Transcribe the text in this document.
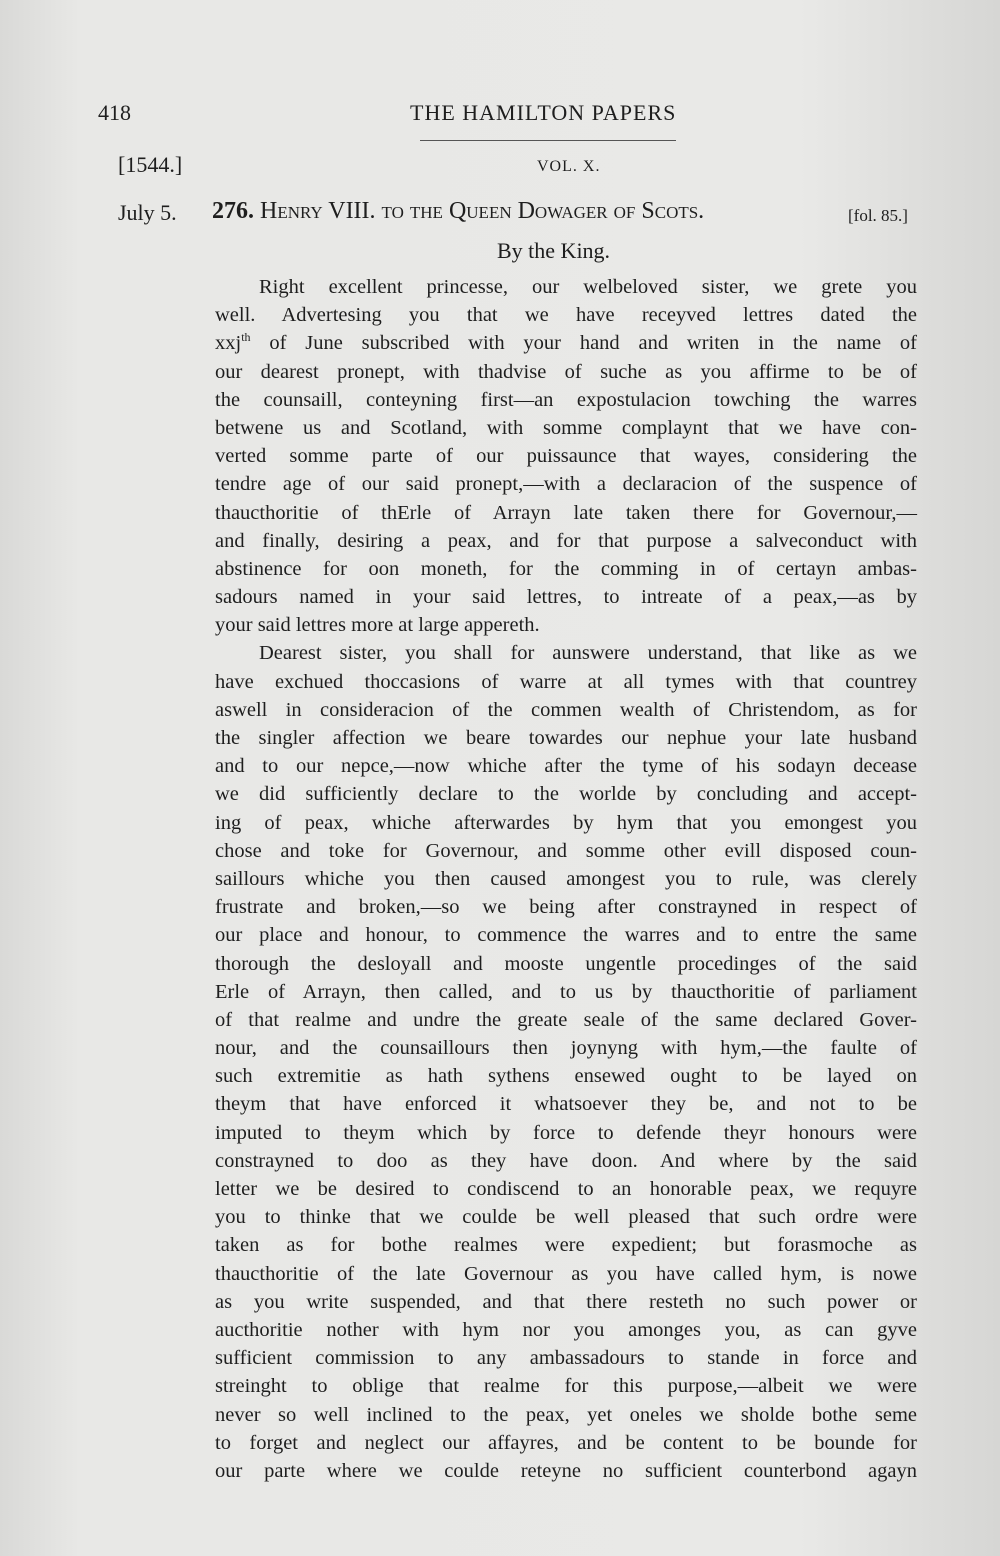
418	THE HAMILTON PAPERS
[1544.]	VOL. X.
July 5. 276. Henry VIII. to the Queen Dowager of Scots.	[fol. 85.]
By the King.
Right excellent princesse, our welbeloved sister, we grete you
well. Advertesing you that we have receyved lettres dated the
xxj$^{th}$ of June subscribed with your hand and writen in the name of
our dearest pronept, with thadvise of suche as you affirme to be of
the counsaill, conteyning first—an expostulacion towching the warres
betwene us and Scotland, with somme complaynt that we have con-
verted somme parte of our puissaunce that wayes, considering the
tendre age of our said pronept,—with a declaracion of the suspence of
thaucthoritie of thErle of Arrayn late taken there for Governour,—
and finally, desiring a peax, and for that purpose a salveconduct with
abstinence for oon moneth, for the comming in of certayn ambas-
sadours named in your said lettres, to intreate of a peax,—as by
your said lettres more at large appereth.
Dearest sister, you shall for aunswere understand, that like as we
have exchued thoccasions of warre at all tymes with that countrey
aswell in consideracion of the commen wealth of Christendom, as for
the singler affection we beare towardes our nephue your late husband
and to our nepce,—now whiche after the tyme of his sodayn decease
we did sufficiently declare to the worlde by concluding and accept-
ing of peax, whiche afterwardes by hym that you emongest you
chose and toke for Governour, and somme other evill disposed coun-
saillours whiche you then caused amongest you to rule, was clerely
frustrate and broken,—so we being after constrayned in respect of
our place and honour, to commence the warres and to entre the same
thorough the desloyall and mooste ungentle procedinges of the said
Erle of Arrayn, then called, and to us by thaucthoritie of parliament
of that realme and undre the greate seale of the same declared Gover-
nour, and the counsaillours then joynyng with hym,—the faulte of
such extremitie as hath sythens ensewed ought to be layed on
theym that have enforced it whatsoever they be, and not to be
imputed to theym which by force to defende theyr honours were
constrayned to doo as they have doon. And where by the said
letter we be desired to condiscend to an honorable peax, we requyre
you to thinke that we coulde be well pleased that such ordre were
taken as for bothe realmes were expedient; but forasmoche as
thaucthoritie of the late Governour as you have called hym, is nowe
as you write suspended, and that there resteth no such power or
aucthoritie nother with hym nor you amonges you, as can gyve
sufficient commission to any ambassadours to stande in force and
streinght to oblige that realme for this purpose,—albeit we were
never so well inclined to the peax, yet oneles we sholde bothe seme
to forget and neglect our affayres, and be content to be bounde for
our parte where we coulde reteyne no sufficient counterbond agayn
